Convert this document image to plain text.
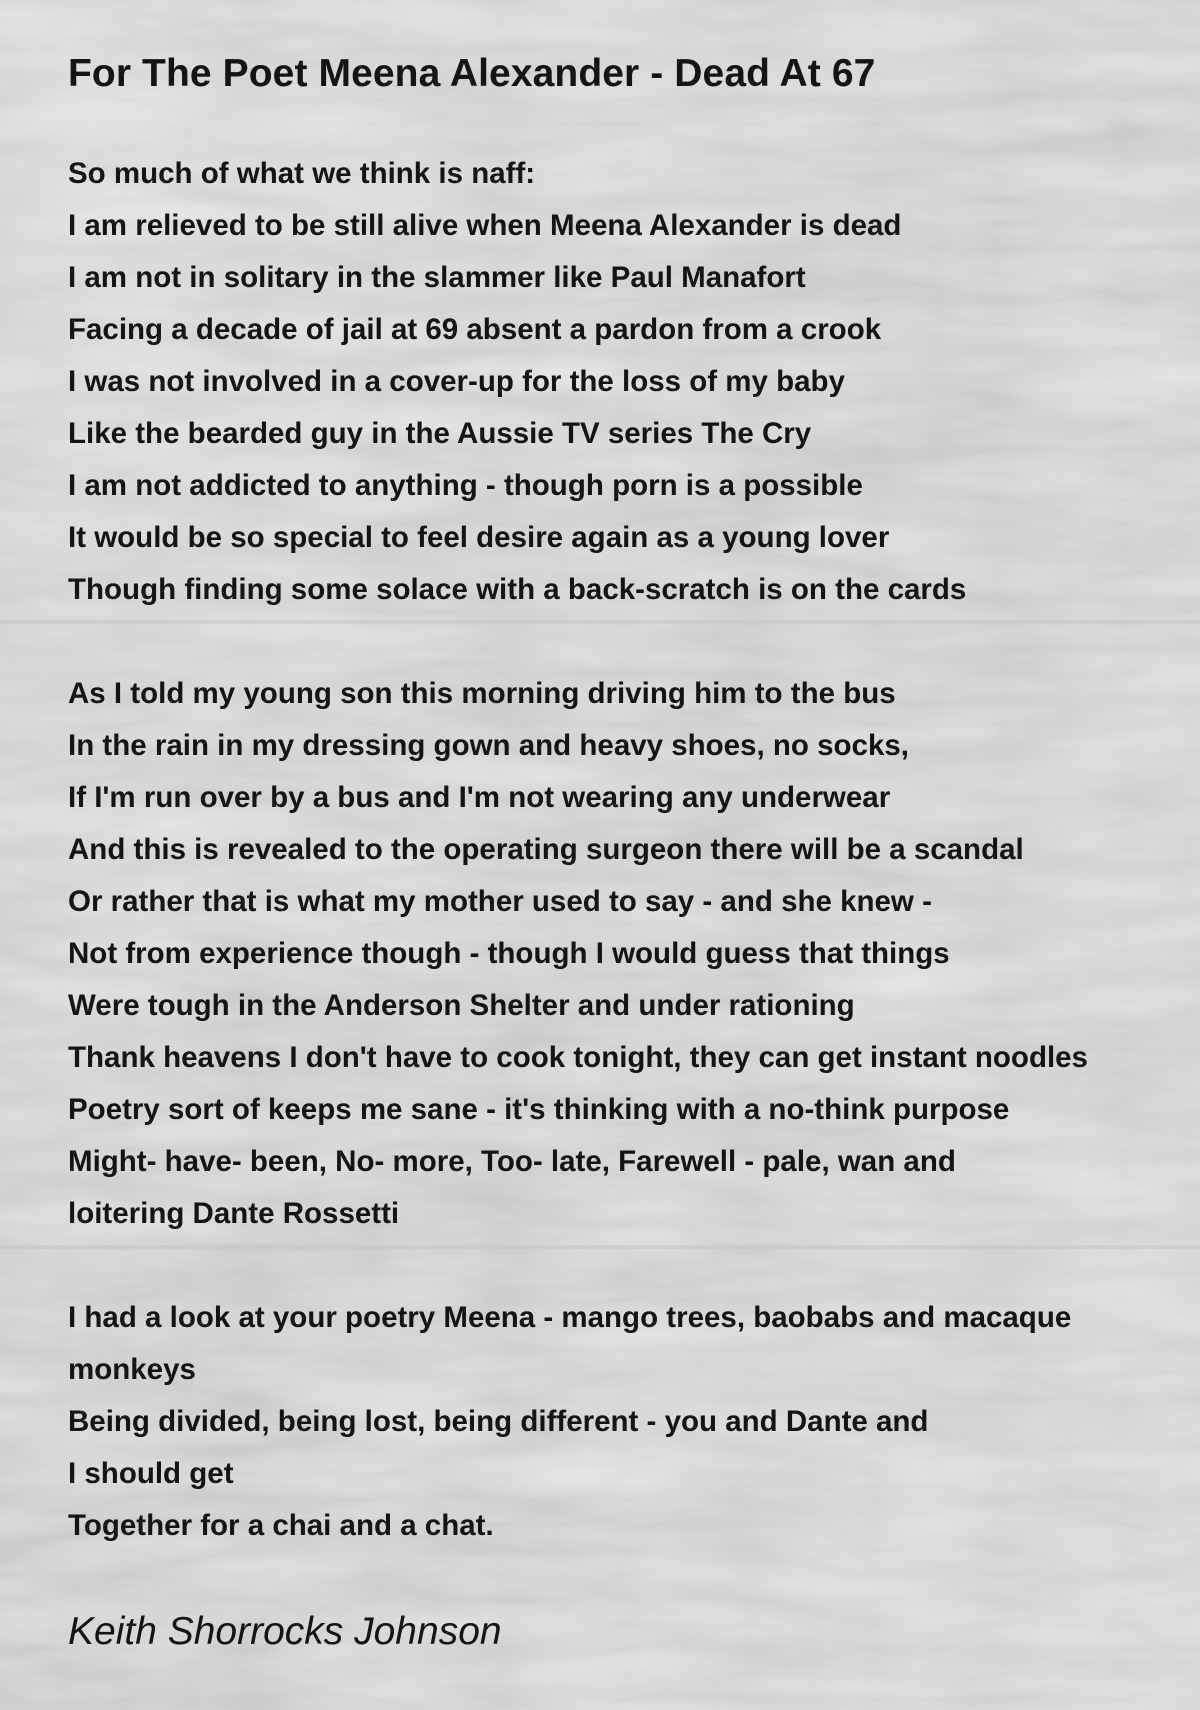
For The Poet Meena Alexander - Dead At 67
So much of what we think is naff:
I am relieved to be still alive when Meena Alexander is dead
I am not in solitary in the slammer like Paul Manafort
Facing a decade of jail at 69 absent a pardon from a crook
I was not involved in a cover-up for the loss of my baby
Like the bearded guy in the Aussie TV series The Cry
I am not addicted to anything - though porn is a possible
It would be so special to feel desire again as a young lover
Though finding some solace with a back-scratch is on the cards
As I told my young son this morning driving him to the bus
In the rain in my dressing gown and heavy shoes, no socks,
If I'm run over by a bus and I'm not wearing any underwear
And this is revealed to the operating surgeon there will be a scandal
Or rather that is what my mother used to say - and she knew -
Not from experience though - though I would guess that things
Were tough in the Anderson Shelter and under rationing
Thank heavens I don't have to cook tonight, they can get instant noodles
Poetry sort of keeps me sane - it's thinking with a no-think purpose
Might- have- been, No- more, Too- late, Farewell - pale, wan and
loitering Dante Rossetti
I had a look at your poetry Meena - mango trees, baobabs and macaque
monkeys
Being divided, being lost, being different - you and Dante and
I should get
Together for a chai and a chat.

Keith Shorrocks Johnson
